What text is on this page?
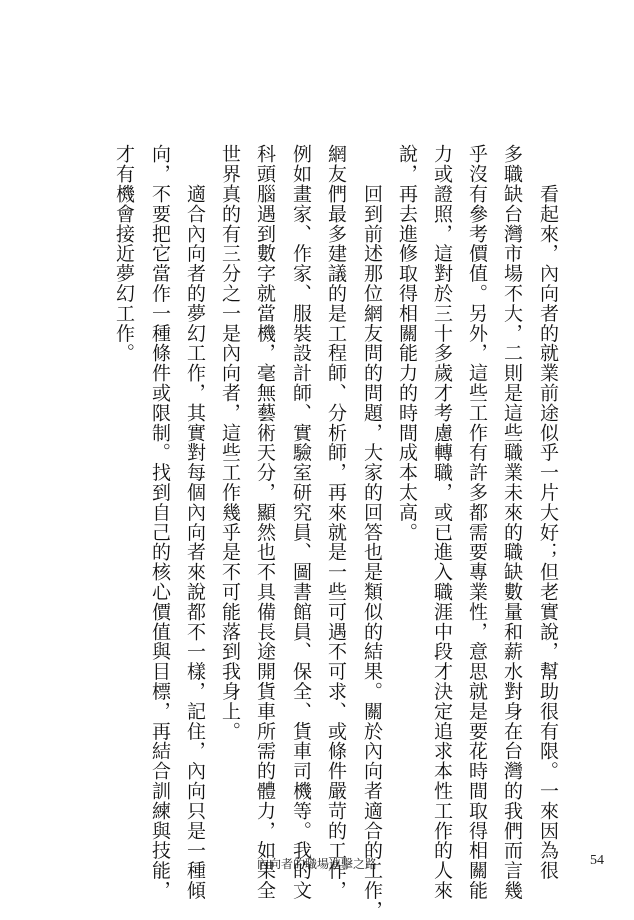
　　看起來，內向者的就業前途似乎一片大好；但老實說，幫助很有限。一來因為很
多職缺台灣市場不大，二則是這些職業未來的職缺數量和薪水對身在台灣的我們而言幾
乎沒有參考價值。另外，這些工作有許多都需要專業性，意思就是要花時間取得相關能
力或證照，這對於三十多歲才考慮轉職，或已進入職涯中段才決定追求本性工作的人來
說，再去進修取得相關能力的時間成本太高。
　　回到前述那位網友問的問題，大家的回答也是類似的結果。關於內向者適合的工作，
網友們最多建議的是工程師、分析師，再來就是一些可遇不可求、或條件嚴苛的工作，
例如畫家、作家、服裝設計師、實驗室研究員、圖書館員、保全、貨車司機等。我的文
科頭腦遇到數字就當機，毫無藝術天分，顯然也不具備長途開貨車所需的體力，如果全
世界真的有三分之一是內向者，這些工作幾乎是不可能落到我身上。
　　適合內向者的夢幻工作，其實對每個內向者來說都不一樣，記住，內向只是一種傾
向，不要把它當作一種條件或限制。找到自己的核心價值與目標，再結合訓練與技能，
才有機會接近夢幻工作。
內向者的職場進擊之路	54
